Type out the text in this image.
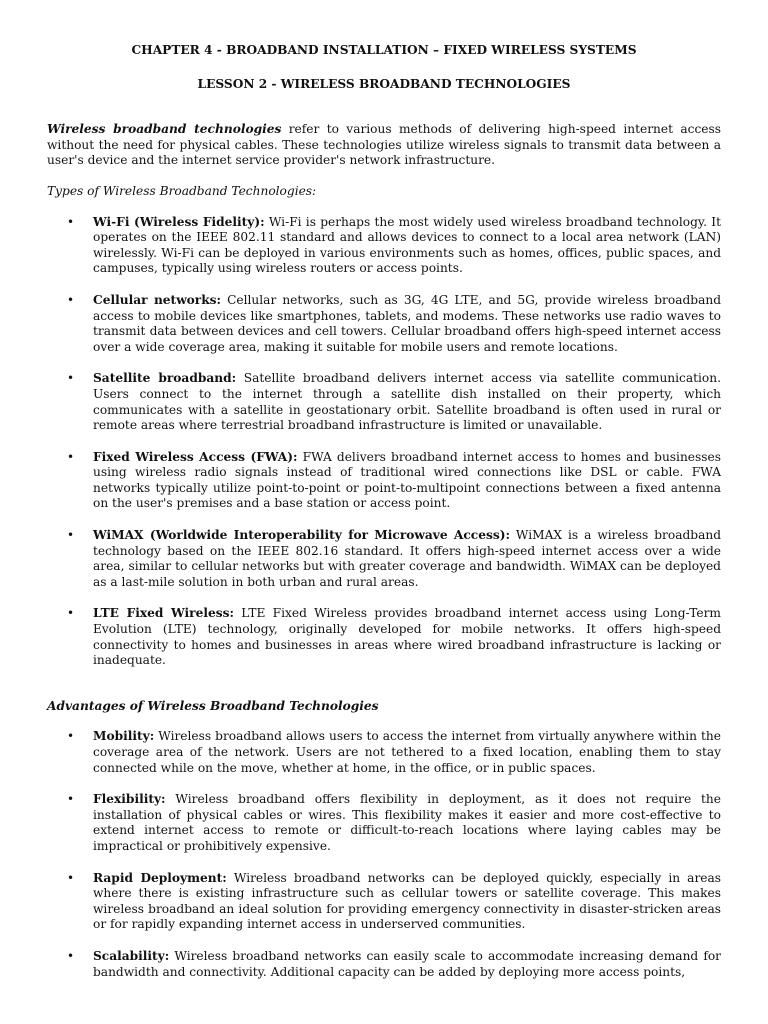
CHAPTER 4 - BROADBAND INSTALLATION – FIXED WIRELESS SYSTEMS

LESSON 2 - WIRELESS BROADBAND TECHNOLOGIES

Wireless broadband technologies refer to various methods of delivering high-speed internet access without the need for physical cables. These technologies utilize wireless signals to transmit data between a user's device and the internet service provider's network infrastructure.

Types of Wireless Broadband Technologies:

• Wi-Fi (Wireless Fidelity): Wi-Fi is perhaps the most widely used wireless broadband technology. It operates on the IEEE 802.11 standard and allows devices to connect to a local area network (LAN) wirelessly. Wi-Fi can be deployed in various environments such as homes, offices, public spaces, and campuses, typically using wireless routers or access points.
• Cellular networks: Cellular networks, such as 3G, 4G LTE, and 5G, provide wireless broadband access to mobile devices like smartphones, tablets, and modems. These networks use radio waves to transmit data between devices and cell towers. Cellular broadband offers high-speed internet access over a wide coverage area, making it suitable for mobile users and remote locations.
• Satellite broadband: Satellite broadband delivers internet access via satellite communication. Users connect to the internet through a satellite dish installed on their property, which communicates with a satellite in geostationary orbit. Satellite broadband is often used in rural or remote areas where terrestrial broadband infrastructure is limited or unavailable.
• Fixed Wireless Access (FWA): FWA delivers broadband internet access to homes and businesses using wireless radio signals instead of traditional wired connections like DSL or cable. FWA networks typically utilize point-to-point or point-to-multipoint connections between a fixed antenna on the user's premises and a base station or access point.
• WiMAX (Worldwide Interoperability for Microwave Access): WiMAX is a wireless broadband technology based on the IEEE 802.16 standard. It offers high-speed internet access over a wide area, similar to cellular networks but with greater coverage and bandwidth. WiMAX can be deployed as a last-mile solution in both urban and rural areas.
• LTE Fixed Wireless: LTE Fixed Wireless provides broadband internet access using Long-Term Evolution (LTE) technology, originally developed for mobile networks. It offers high-speed connectivity to homes and businesses in areas where wired broadband infrastructure is lacking or inadequate.

Advantages of Wireless Broadband Technologies

• Mobility: Wireless broadband allows users to access the internet from virtually anywhere within the coverage area of the network. Users are not tethered to a fixed location, enabling them to stay connected while on the move, whether at home, in the office, or in public spaces.
• Flexibility: Wireless broadband offers flexibility in deployment, as it does not require the installation of physical cables or wires. This flexibility makes it easier and more cost-effective to extend internet access to remote or difficult-to-reach locations where laying cables may be impractical or prohibitively expensive.
• Rapid Deployment: Wireless broadband networks can be deployed quickly, especially in areas where there is existing infrastructure such as cellular towers or satellite coverage. This makes wireless broadband an ideal solution for providing emergency connectivity in disaster-stricken areas or for rapidly expanding internet access in underserved communities.
• Scalability: Wireless broadband networks can easily scale to accommodate increasing demand for bandwidth and connectivity. Additional capacity can be added by deploying more access points,
